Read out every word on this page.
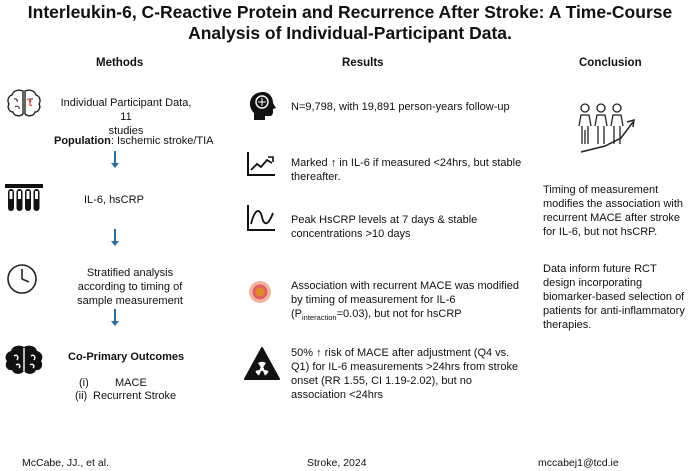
Interleukin-6, C-Reactive Protein and Recurrence After Stroke: A Time-Course Analysis of Individual-Participant Data.
Methods	Results	Conclusion
Individual Participant Data, 11
studies
Population: Ischemic stroke/TIA
IL-6, hsCRP
Stratified analysis
according to timing of
sample measurement
Co-Primary Outcomes
(i) MACE
(ii) Recurrent Stroke
N=9,798, with 19,891 person-years follow-up
Marked ↑ in IL-6 if measured <24hrs, but stable
thereafter.
Peak HsCRP levels at 7 days & stable
concentrations >10 days
Association with recurrent MACE was modified
by timing of measurement for IL-6
$(P_{interaction}=0.03)$, but not for hsCRP
50% ↑ risk of MACE after adjustment (Q4 vs.
Q1) for IL-6 measurements >24hrs from stroke
onset (RR 1.55, CI 1.19-2.02), but no
association <24hrs
Timing of measurement
modifies the association with
recurrent MACE after stroke
for IL-6, but not hsCRP.
Data inform future RCT
design incorporating
biomarker-based selection of
patients for anti-inflammatory
therapies.
McCabe, JJ., et al.	Stroke, 2024	mccabej1@tcd.ie
